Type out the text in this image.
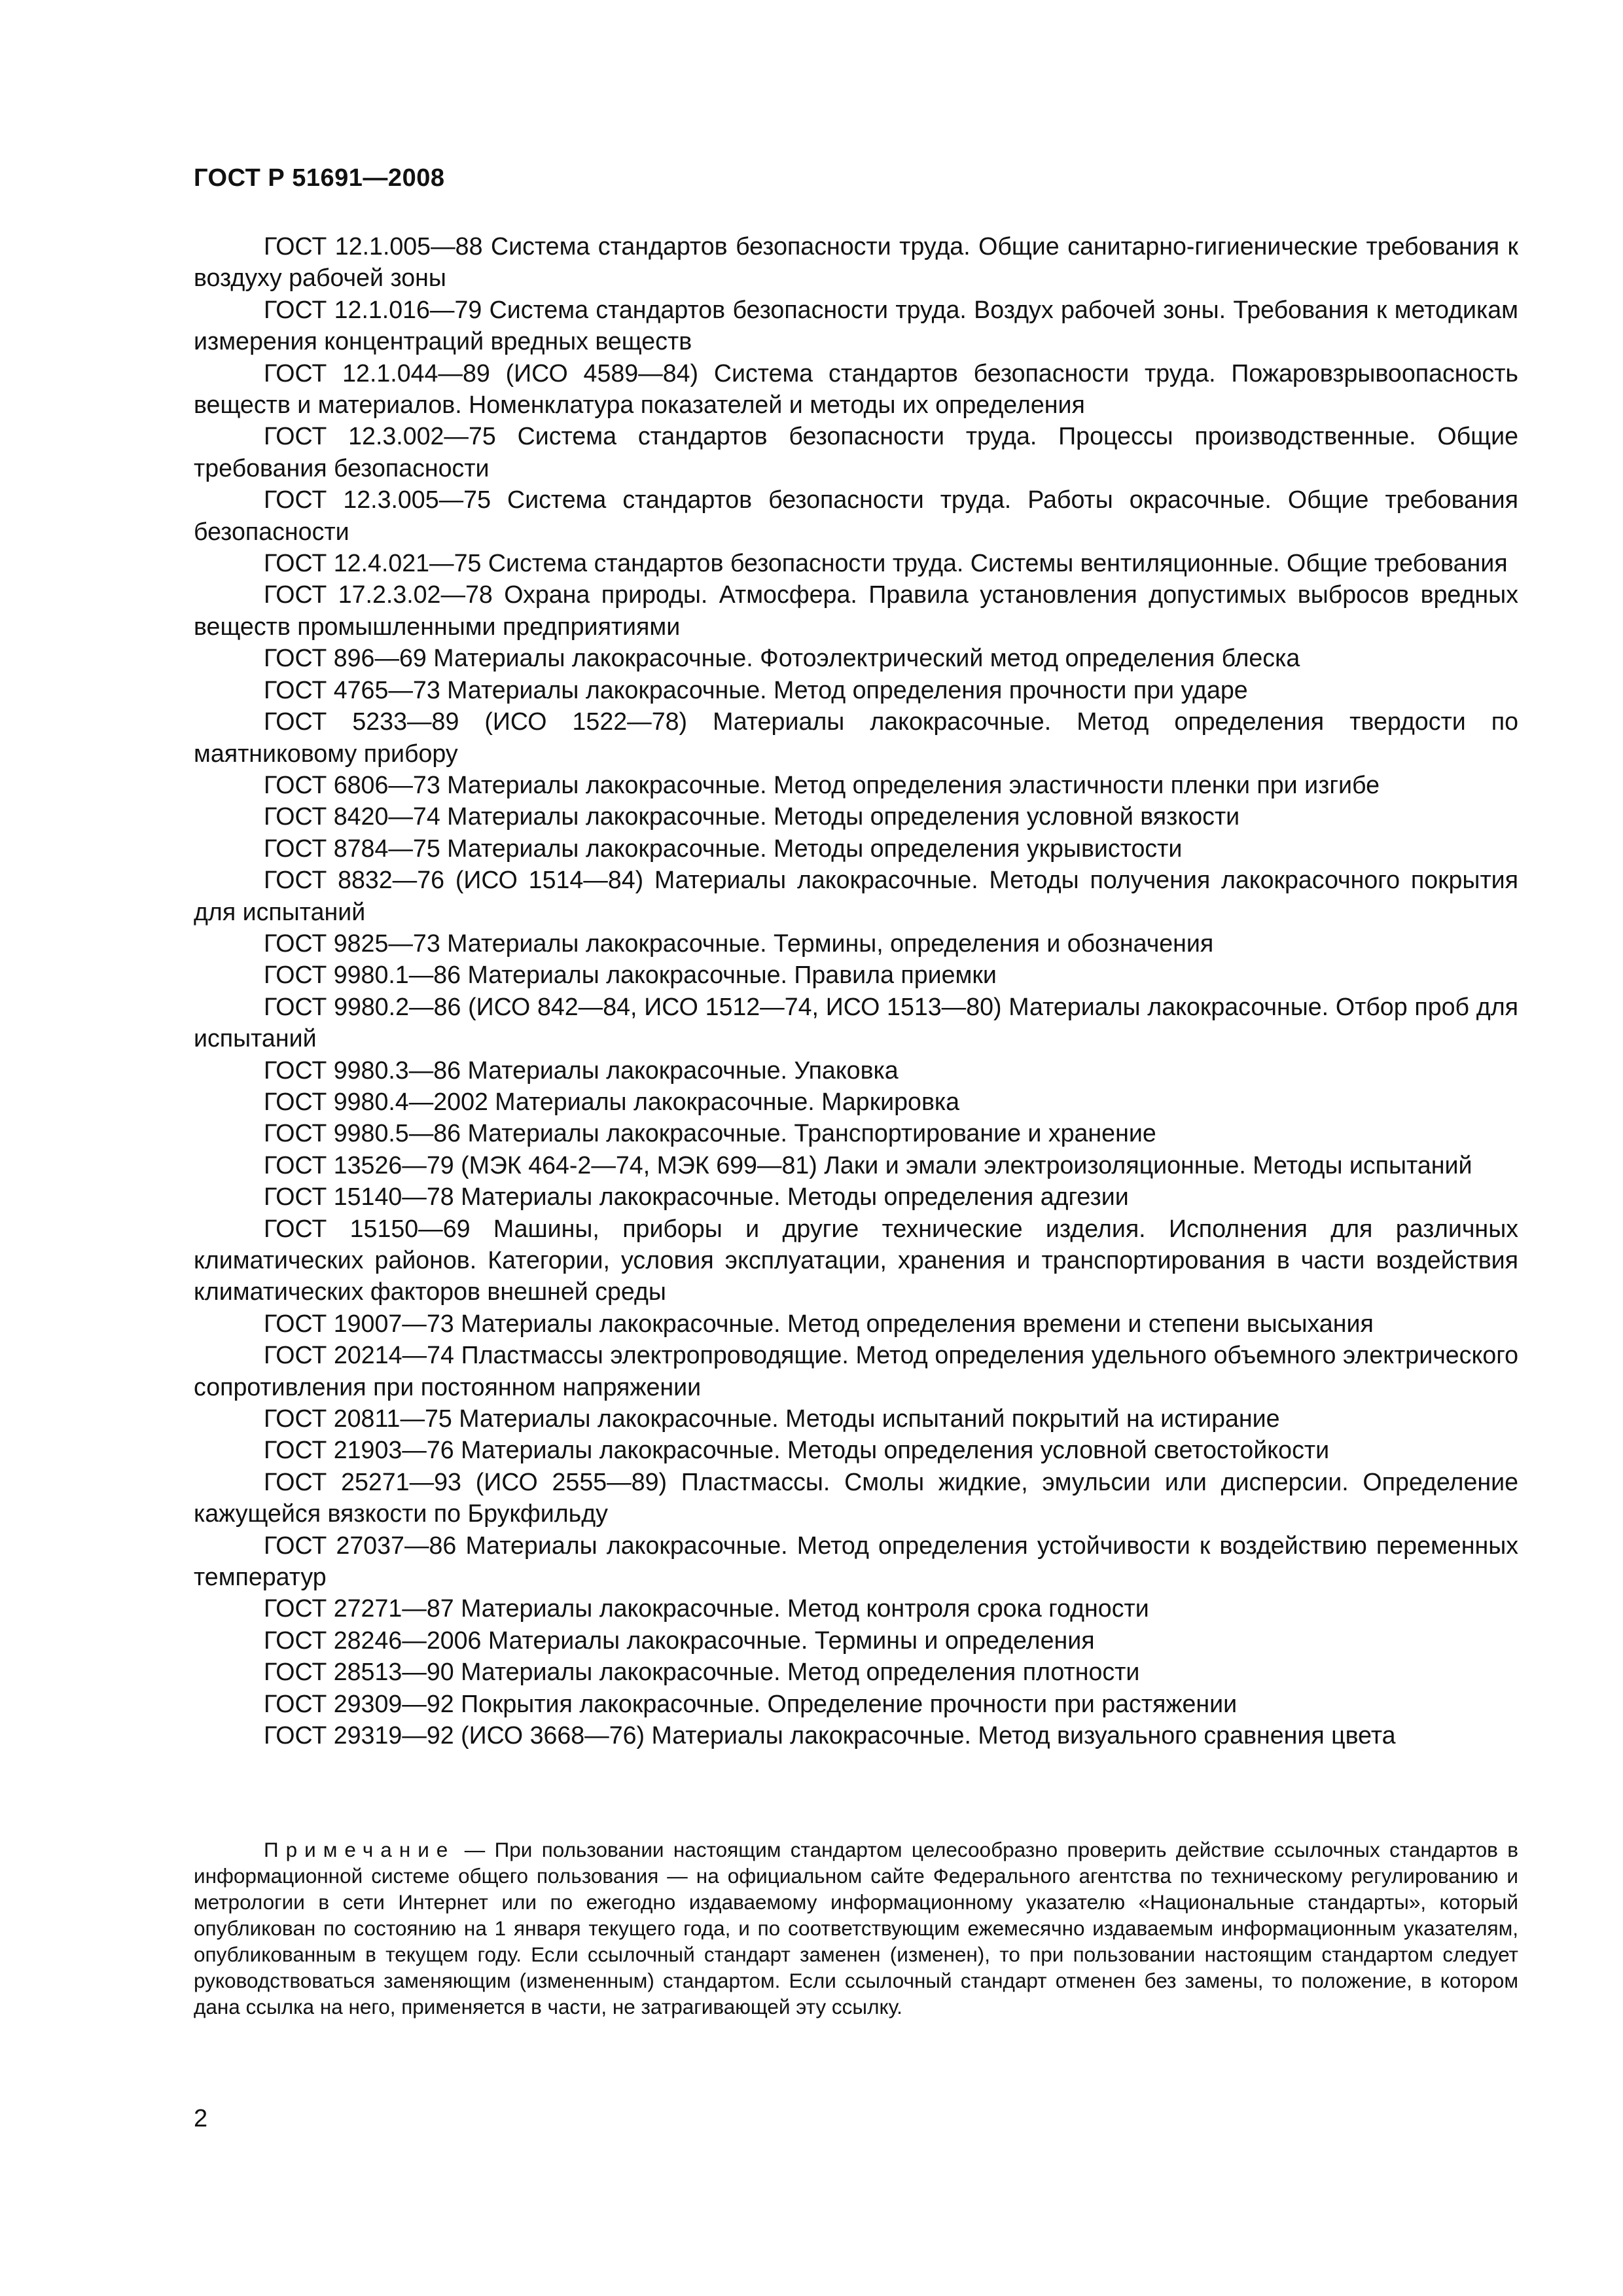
ГОСТ Р 51691—2008

ГОСТ 12.1.005—88 Система стандартов безопасности труда. Общие санитарно-гигиенические требования к воздуху рабочей зоны

ГОСТ 12.1.016—79 Система стандартов безопасности труда. Воздух рабочей зоны. Требования к методикам измерения концентраций вредных веществ

ГОСТ 12.1.044—89 (ИСО 4589—84) Система стандартов безопасности труда. Пожаровзрывоопасность веществ и материалов. Номенклатура показателей и методы их определения

ГОСТ 12.3.002—75 Система стандартов безопасности труда. Процессы производственные. Общие требования безопасности

ГОСТ 12.3.005—75 Система стандартов безопасности труда. Работы окрасочные. Общие требования безопасности

ГОСТ 12.4.021—75 Система стандартов безопасности труда. Системы вентиляционные. Общие требования

ГОСТ 17.2.3.02—78 Охрана природы. Атмосфера. Правила установления допустимых выбросов вредных веществ промышленными предприятиями

ГОСТ 896—69 Материалы лакокрасочные. Фотоэлектрический метод определения блеска

ГОСТ 4765—73 Материалы лакокрасочные. Метод определения прочности при ударе

ГОСТ 5233—89 (ИСО 1522—78) Материалы лакокрасочные. Метод определения твердости по маятниковому прибору

ГОСТ 6806—73 Материалы лакокрасочные. Метод определения эластичности пленки при изгибе

ГОСТ 8420—74 Материалы лакокрасочные. Методы определения условной вязкости

ГОСТ 8784—75 Материалы лакокрасочные. Методы определения укрывистости

ГОСТ 8832—76 (ИСО 1514—84) Материалы лакокрасочные. Методы получения лакокрасочного покрытия для испытаний

ГОСТ 9825—73 Материалы лакокрасочные. Термины, определения и обозначения

ГОСТ 9980.1—86 Материалы лакокрасочные. Правила приемки

ГОСТ 9980.2—86 (ИСО 842—84, ИСО 1512—74, ИСО 1513—80) Материалы лакокрасочные. Отбор проб для испытаний

ГОСТ 9980.3—86 Материалы лакокрасочные. Упаковка

ГОСТ 9980.4—2002 Материалы лакокрасочные. Маркировка

ГОСТ 9980.5—86 Материалы лакокрасочные. Транспортирование и хранение

ГОСТ 13526—79 (МЭК 464-2—74, МЭК 699—81) Лаки и эмали электроизоляционные. Методы испытаний

ГОСТ 15140—78 Материалы лакокрасочные. Методы определения адгезии

ГОСТ 15150—69 Машины, приборы и другие технические изделия. Исполнения для различных климатических районов. Категории, условия эксплуатации, хранения и транспортирования в части воздействия климатических факторов внешней среды

ГОСТ 19007—73 Материалы лакокрасочные. Метод определения времени и степени высыхания

ГОСТ 20214—74 Пластмассы электропроводящие. Метод определения удельного объемного электрического сопротивления при постоянном напряжении

ГОСТ 20811—75 Материалы лакокрасочные. Методы испытаний покрытий на истирание

ГОСТ 21903—76 Материалы лакокрасочные. Методы определения условной светостойкости

ГОСТ 25271—93 (ИСО 2555—89) Пластмассы. Смолы жидкие, эмульсии или дисперсии. Определение кажущейся вязкости по Брукфильду

ГОСТ 27037—86 Материалы лакокрасочные. Метод определения устойчивости к воздействию переменных температур

ГОСТ 27271—87 Материалы лакокрасочные. Метод контроля срока годности

ГОСТ 28246—2006 Материалы лакокрасочные. Термины и определения

ГОСТ 28513—90 Материалы лакокрасочные. Метод определения плотности

ГОСТ 29309—92 Покрытия лакокрасочные. Определение прочности при растяжении

ГОСТ 29319—92 (ИСО 3668—76) Материалы лакокрасочные. Метод визуального сравнения цвета

Примечание — При пользовании настоящим стандартом целесообразно проверить действие ссылочных стандартов в информационной системе общего пользования — на официальном сайте Федерального агентства по техническому регулированию и метрологии в сети Интернет или по ежегодно издаваемому информационному указателю «Национальные стандарты», который опубликован по состоянию на 1 января текущего года, и по соответствующим ежемесячно издаваемым информационным указателям, опубликованным в текущем году. Если ссылочный стандарт заменен (изменен), то при пользовании настоящим стандартом следует руководствоваться заменяющим (измененным) стандартом. Если ссылочный стандарт отменен без замены, то положение, в котором дана ссылка на него, применяется в части, не затрагивающей эту ссылку.

2
